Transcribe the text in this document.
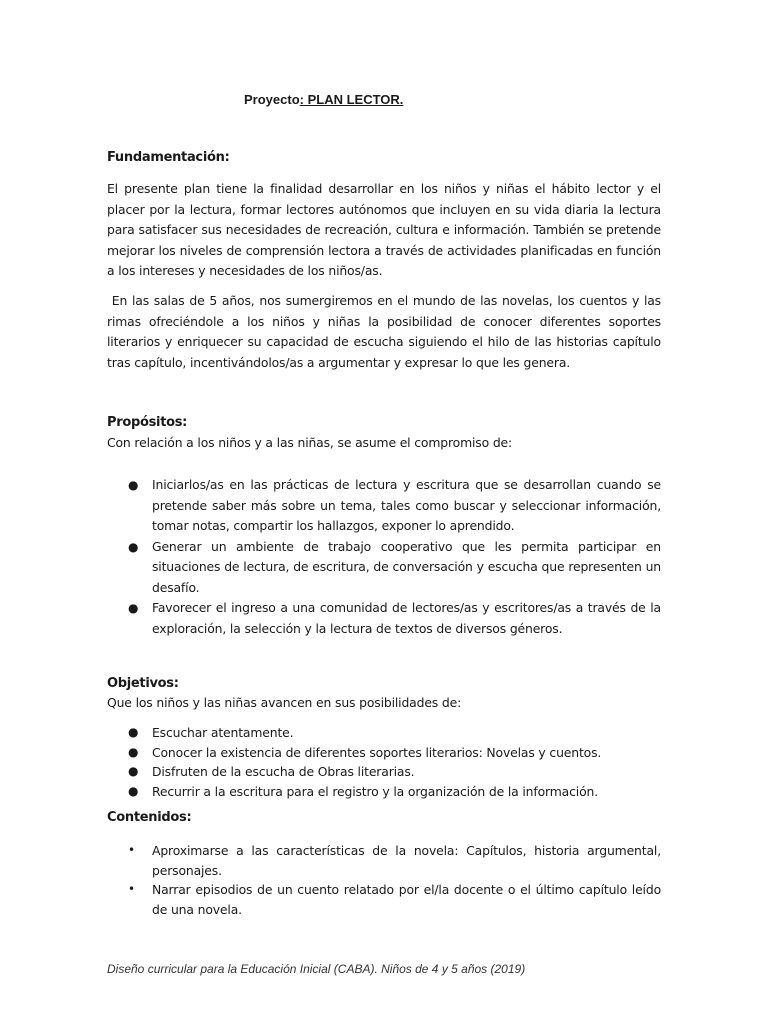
Proyecto: PLAN LECTOR.
Fundamentación:

El presente plan tiene la finalidad desarrollar en los niños y niñas el hábito lector y el placer por la lectura, formar lectores autónomos que incluyen en su vida diaria la lectura para satisfacer sus necesidades de recreación, cultura e información. También se pretende mejorar los niveles de comprensión lectora a través de actividades planificadas en función a los intereses y necesidades de los niños/as.

En las salas de 5 años, nos sumergiremos en el mundo de las novelas, los cuentos y las rimas ofreciéndole a los niños y niñas la posibilidad de conocer diferentes soportes literarios y enriquecer su capacidad de escucha siguiendo el hilo de las historias capítulo tras capítulo, incentivándolos/as a argumentar y expresar lo que les genera.

Propósitos:
Con relación a los niños y a las niñas, se asume el compromiso de:
● Iniciarlos/as en las prácticas de lectura y escritura que se desarrollan cuando se pretende saber más sobre un tema, tales como buscar y seleccionar información, tomar notas, compartir los hallazgos, exponer lo aprendido.
● Generar un ambiente de trabajo cooperativo que les permita participar en situaciones de lectura, de escritura, de conversación y escucha que representen un desafío.
● Favorecer el ingreso a una comunidad de lectores/as y escritores/as a través de la exploración, la selección y la lectura de textos de diversos géneros.
Objetivos:
Que los niños y las niñas avancen en sus posibilidades de:
● Escuchar atentamente.
● Conocer la existencia de diferentes soportes literarios: Novelas y cuentos.
● Disfruten de la escucha de Obras literarias.
● Recurrir a la escritura para el registro y la organización de la información.
Contenidos:
• Aproximarse a las características de la novela: Capítulos, historia argumental, personajes.
• Narrar episodios de un cuento relatado por el/la docente o el último capítulo leído de una novela.
Diseño curricular para la Educación Inicial (CABA). Niños de 4 y 5 años (2019)
